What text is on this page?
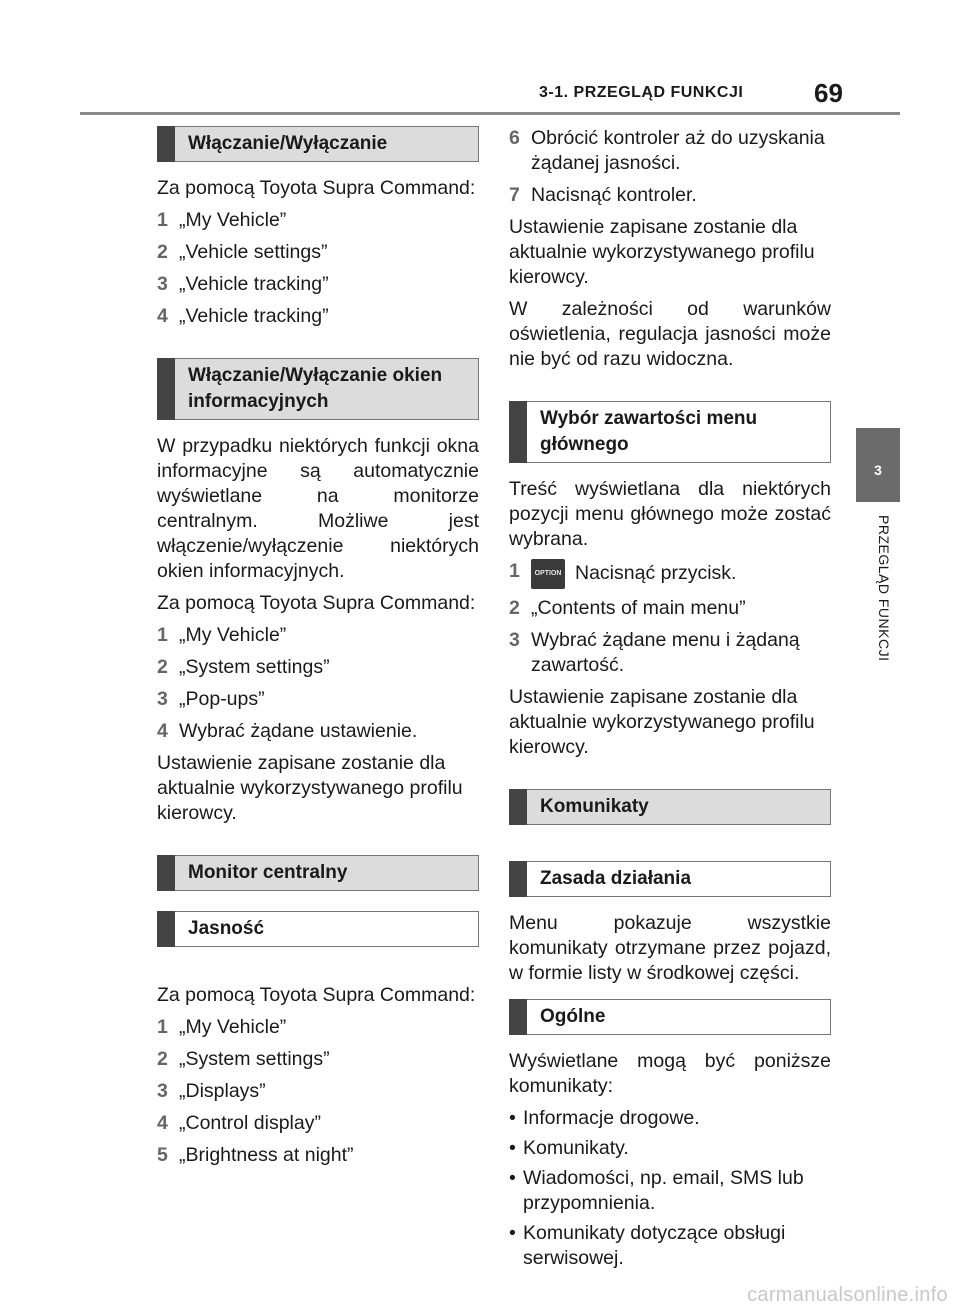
3-1. PRZEGLĄD FUNKCJI	69
3
PRZEGLĄD FUNKCJI
Włączanie/Wyłączanie

Za pomocą Toyota Supra Command:

1 „My Vehicle”
2 „Vehicle settings”
3 „Vehicle tracking”
4 „Vehicle tracking”
Włączanie/Wyłączanie okien informacyjnych

W przypadku niektórych funkcji okna informacyjne są automatycznie wyświetlane na monitorze centralnym. Możliwe jest włączenie/wyłączenie niektórych okien informacyjnych.

Za pomocą Toyota Supra Command:

1 „My Vehicle”
2 „System settings”
3 „Pop-ups”
4 Wybrać żądane ustawienie.

Ustawienie zapisane zostanie dla aktualnie wykorzystywanego profilu kierowcy.

Monitor centralny
Jasność

Za pomocą Toyota Supra Command:

1 „My Vehicle”
2 „System settings”
3 „Displays”
4 „Control display”
5 „Brightness at night”
6 Obrócić kontroler aż do uzyskania żądanej jasności.
7 Nacisnąć kontroler.

Ustawienie zapisane zostanie dla aktualnie wykorzystywanego profilu kierowcy.

W zależności od warunków oświetlenia, regulacja jasności może nie być od razu widoczna.

Wybór zawartości menu głównego

Treść wyświetlana dla niektórych pozycji menu głównego może zostać wybrana.

1	OPTION Nacisnąć przycisk.
2 „Contents of main menu”
3 Wybrać żądane menu i żądaną zawartość.

Ustawienie zapisane zostanie dla aktualnie wykorzystywanego profilu kierowcy.

Komunikaty
Zasada działania

Menu pokazuje wszystkie komunikaty otrzymane przez pojazd, w formie listy w środkowej części.

Ogólne

Wyświetlane mogą być poniższe komunikaty:

• Informacje drogowe.
• Komunikaty.
• Wiadomości, np. email, SMS lub przypomnienia.
• Komunikaty dotyczące obsługi serwisowej.
carmanualsonline.info
